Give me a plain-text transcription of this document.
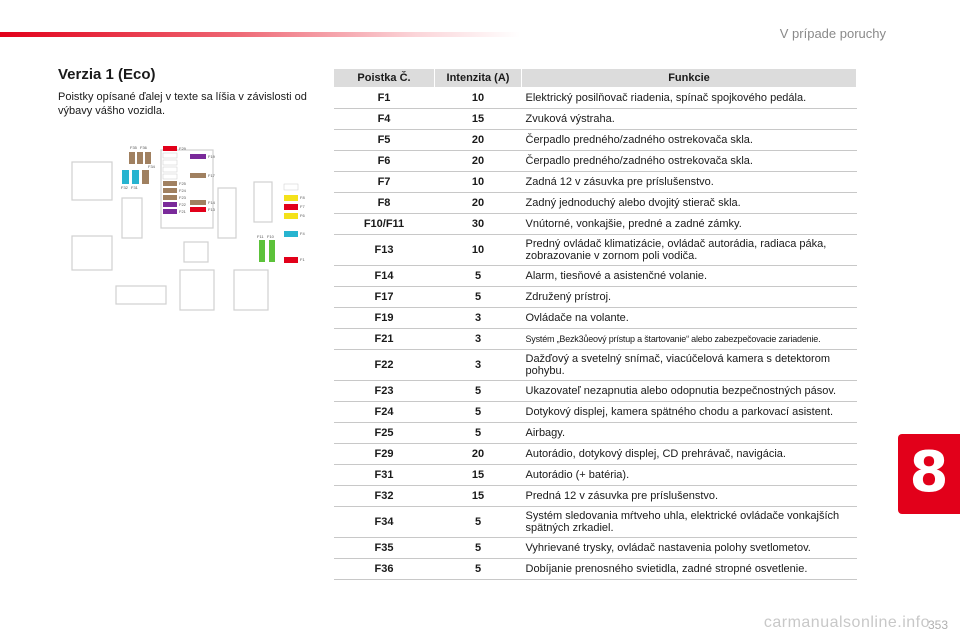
V prípade poruchy
Verzia 1 (Eco)

Poistky opísané ďalej v texte sa líšia v závislosti od výbavy vášho vozidla.

F35 F36
F34
F32 F31
F29
F19
F17
F25
F24
F23
F22
F21
F14
F13
F8
F7
F6
F4
F1
F11 F10
Poistka Č.	Intenzita (A)	Funkcie
F1	10	Elektrický posilňovač riadenia, spínač spojkového pedála.
F4	15	Zvuková výstraha.
F5	20	Čerpadlo predného/zadného ostrekovača skla.
F6	20	Čerpadlo predného/zadného ostrekovača skla.
F7	10	Zadná 12 v zásuvka pre príslušenstvo.
F8	20	Zadný jednoduchý alebo dvojitý stierač skla.
F10/F11	30	Vnútorné, vonkajšie, predné a zadné zámky.
F13	10	Predný ovládač klimatizácie, ovládač autorádia, radiaca páka, zobrazovanie v zornom poli vodiča.
F14	5	Alarm, tiesňové a asistenčné volanie.
F17	5	Združený prístroj.
F19	3	Ovládače na volante.
F21	3	Systém „Bezk3ůeový prístup a štartovanie“ alebo zabezpečovacie zariadenie.
F22	3	Dažďový a svetelný snímač, viacúčelová kamera s detektorom pohybu.
F23	5	Ukazovateľ nezapnutia alebo odopnutia bezpečnostných pásov.
F24	5	Dotykový displej, kamera spätného chodu a parkovací asistent.
F25	5	Airbagy.
F29	20	Autorádio, dotykový displej, CD prehrávač, navigácia.
F31	15	Autorádio (+ batéria).
F32	15	Predná 12 v zásuvka pre príslušenstvo.
F34	5	Systém sledovania mŕtveho uhla, elektrické ovládače vonkajších spätných zrkadiel.
F35	5	Vyhrievané trysky, ovládač nastavenia polohy svetlometov.
F36	5	Dobíjanie prenosného svietidla, zadné stropné osvetlenie.
8
carmanualsonline.info
353
